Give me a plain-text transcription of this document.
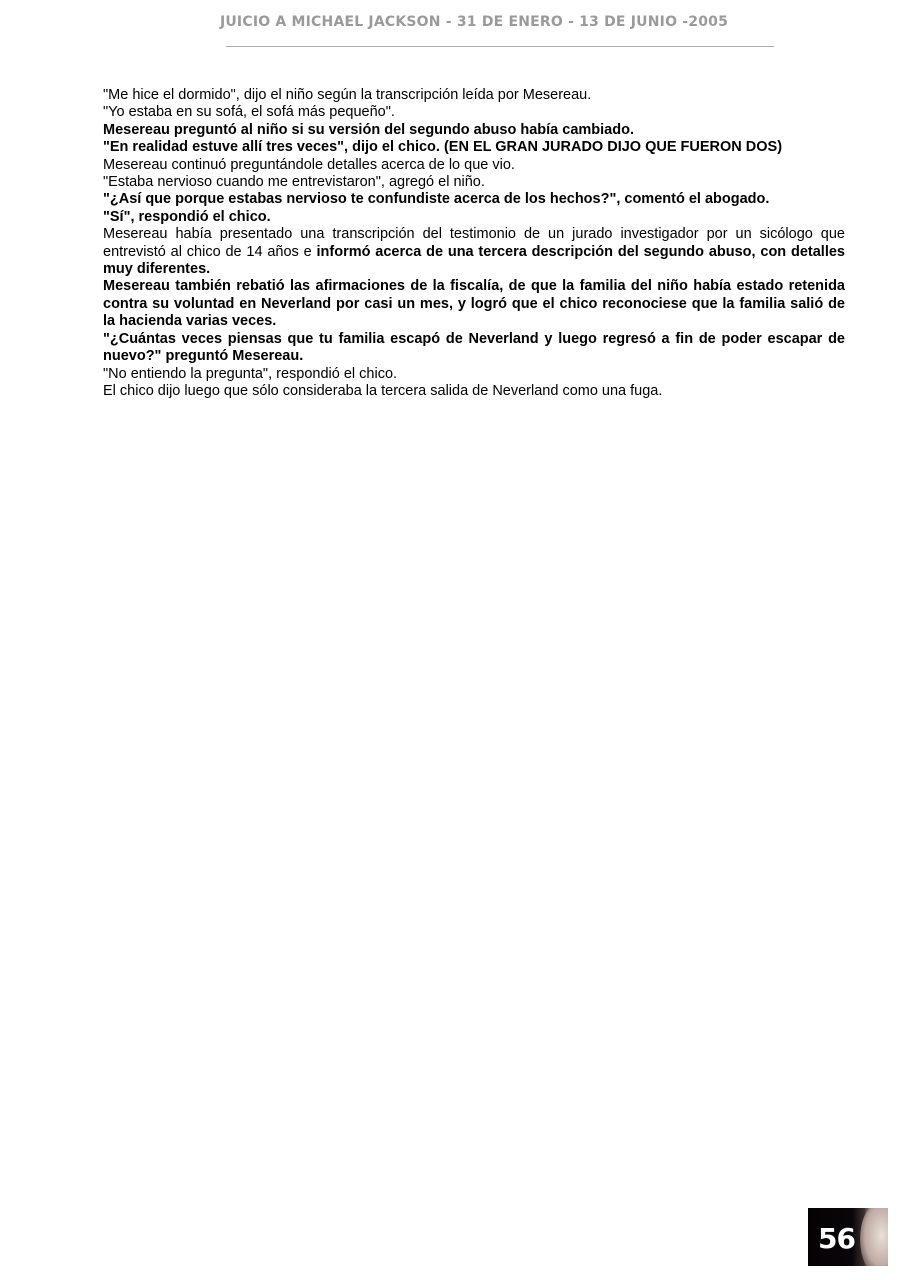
JUICIO A MICHAEL JACKSON - 31 DE ENERO - 13 DE JUNIO -2005

"Me hice el dormido", dijo el niño según la transcripción leída por Mesereau.

"Yo estaba en su sofá, el sofá más pequeño".

Mesereau preguntó al niño si su versión del segundo abuso había cambiado.

"En realidad estuve allí tres veces", dijo el chico. (EN EL GRAN JURADO DIJO QUE FUERON DOS)

Mesereau continuó preguntándole detalles acerca de lo que vio.

"Estaba nervioso cuando me entrevistaron", agregó el niño.

"¿Así que porque estabas nervioso te confundiste acerca de los hechos?", comentó el abogado.

"Sí", respondió el chico.

Mesereau había presentado una transcripción del testimonio de un jurado investigador por un sicólogo que entrevistó al chico de 14 años e informó acerca de una tercera descripción del segundo abuso, con detalles muy diferentes.

Mesereau también rebatió las afirmaciones de la fiscalía, de que la familia del niño había estado retenida contra su voluntad en Neverland por casi un mes, y logró que el chico reconociese que la familia salió de la hacienda varias veces.

"¿Cuántas veces piensas que tu familia escapó de Neverland y luego regresó a fin de poder escapar de nuevo?" preguntó Mesereau.

"No entiendo la pregunta", respondió el chico.

El chico dijo luego que sólo consideraba la tercera salida de Neverland como una fuga.

56
